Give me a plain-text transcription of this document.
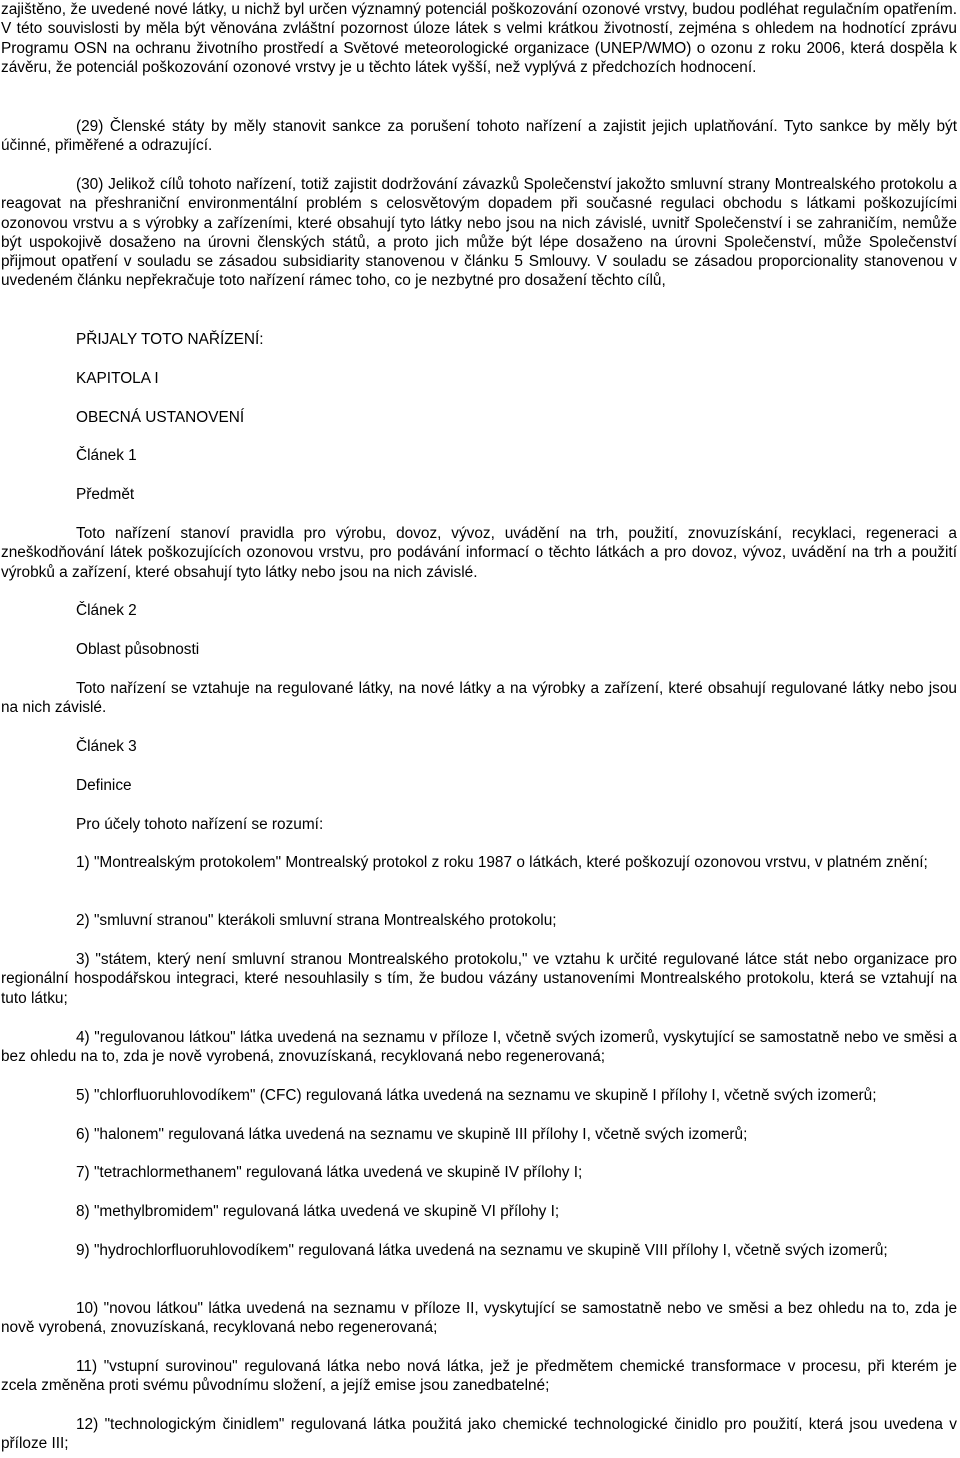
zajištěno, že uvedené nové látky, u nichž byl určen významný potenciál poškozování ozonové vrstvy, budou podléhat regulačním opatřením. V této souvislosti by měla být věnována zvláštní pozornost úloze látek s velmi krátkou životností, zejména s ohledem na hodnotící zprávu Programu OSN na ochranu životního prostředí a Světové meteorologické organizace (UNEP/WMO) o ozonu z roku 2006, která dospěla k závěru, že potenciál poškozování ozonové vrstvy je u těchto látek vyšší, než vyplývá z předchozích hodnocení.

(29) Členské státy by měly stanovit sankce za porušení tohoto nařízení a zajistit jejich uplatňování. Tyto sankce by měly být účinné, přiměřené a odrazující.

(30) Jelikož cílů tohoto nařízení, totiž zajistit dodržování závazků Společenství jakožto smluvní strany Montrealského protokolu a reagovat na přeshraniční environmentální problém s celosvětovým dopadem při současné regulaci obchodu s látkami poškozujícími ozonovou vrstvu a s výrobky a zařízeními, které obsahují tyto látky nebo jsou na nich závislé, uvnitř Společenství i se zahraničím, nemůže být uspokojivě dosaženo na úrovni členských států, a proto jich může být lépe dosaženo na úrovni Společenství, může Společenství přijmout opatření v souladu se zásadou subsidiarity stanovenou v článku 5 Smlouvy. V souladu se zásadou proporcionality stanovenou v uvedeném článku nepřekračuje toto nařízení rámec toho, co je nezbytné pro dosažení těchto cílů,

PŘIJALY TOTO NAŘÍZENÍ:
KAPITOLA I
OBECNÁ USTANOVENÍ
Článek 1
Předmět

Toto nařízení stanoví pravidla pro výrobu, dovoz, vývoz, uvádění na trh, použití, znovuzískání, recyklaci, regeneraci a zneškodňování látek poškozujících ozonovou vrstvu, pro podávání informací o těchto látkách a pro dovoz, vývoz, uvádění na trh a použití výrobků a zařízení, které obsahují tyto látky nebo jsou na nich závislé.

Článek 2
Oblast působnosti

Toto nařízení se vztahuje na regulované látky, na nové látky a na výrobky a zařízení, které obsahují regulované látky nebo jsou na nich závislé.

Článek 3
Definice
Pro účely tohoto nařízení se rozumí:

1) "Montrealským protokolem" Montrealský protokol z roku 1987 o látkách, které poškozují ozonovou vrstvu, v platném znění;

2) "smluvní stranou" kterákoli smluvní strana Montrealského protokolu;

3) "státem, který není smluvní stranou Montrealského protokolu," ve vztahu k určité regulované látce stát nebo organizace pro regionální hospodářskou integraci, které nesouhlasily s tím, že budou vázány ustanoveními Montrealského protokolu, která se vztahují na tuto látku;

4) "regulovanou látkou" látka uvedená na seznamu v příloze I, včetně svých izomerů, vyskytující se samostatně nebo ve směsi a bez ohledu na to, zda je nově vyrobená, znovuzískaná, recyklovaná nebo regenerovaná;

5) "chlorfluoruhlovodíkem" (CFC) regulovaná látka uvedená na seznamu ve skupině I přílohy I, včetně svých izomerů;

6) "halonem" regulovaná látka uvedená na seznamu ve skupině III přílohy I, včetně svých izomerů;

7) "tetrachlormethanem" regulovaná látka uvedená ve skupině IV přílohy I;

8) "methylbromidem" regulovaná látka uvedená ve skupině VI přílohy I;

9) "hydrochlorfluoruhlovodíkem" regulovaná látka uvedená na seznamu ve skupině VIII přílohy I, včetně svých izomerů;

10) "novou látkou" látka uvedená na seznamu v příloze II, vyskytující se samostatně nebo ve směsi a bez ohledu na to, zda je nově vyrobená, znovuzískaná, recyklovaná nebo regenerovaná;

11) "vstupní surovinou" regulovaná látka nebo nová látka, jež je předmětem chemické transformace v procesu, při kterém je zcela změněna proti svému původnímu složení, a jejíž emise jsou zanedbatelné;

12) "technologickým činidlem" regulovaná látka použitá jako chemické technologické činidlo pro použití, která jsou uvedena v příloze III;
